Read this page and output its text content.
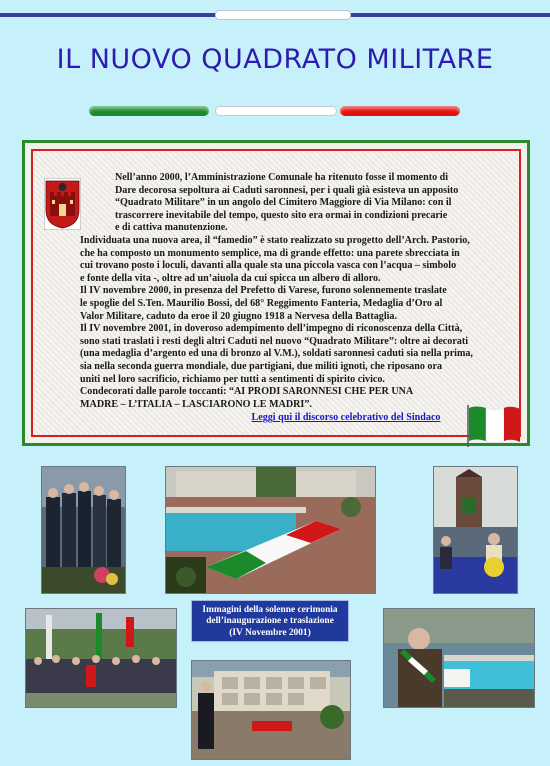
IL NUOVO QUADRATO MILITARE

Nell’anno 2000, l’Amministrazione Comunale ha ritenuto fosse il momento di

Dare decorosa sepoltura ai Caduti saronnesi, per i quali già esisteva un apposito

“Quadrato Militare” in un angolo del Cimitero Maggiore di Via Milano: con il

trascorrere inevitabile del tempo, questo sito era ormai in condizioni precarie

e di cattiva manutenzione.

Individuata una nuova area, il “famedio” è stato realizzato su progetto dell’Arch. Pastorio,

che ha composto un monumento semplice, ma di grande effetto: una parete sbrecciata in

cui trovano posto i loculi, davanti alla quale sta una piccola vasca con l’acqua – simbolo

e fonte della vita -, oltre ad un’aiuola da cui spicca un albero di alloro.

Il IV novembre 2000, in presenza del Prefetto di Varese, furono solennemente traslate

le spoglie del S.Ten. Maurilio Bossi, del 68° Reggimento Fanteria, Medaglia d’Oro al

Valor Militare, caduto da eroe il 20 giugno 1918 a Nervesa della Battaglia.

Il IV novembre 2001, in doveroso adempimento dell’impegno di riconoscenza della Città,

sono stati traslati i resti degli altri Caduti nel nuovo “Quadrato Militare”: oltre ai decorati

(una medaglia d’argento ed una di bronzo al V.M.), soldati saronnesi caduti sia nella prima,

sia nella seconda guerra mondiale, due partigiani, due militi ignoti, che riposano ora

uniti nel loro sacrificio, richiamo per tutti a sentimenti di spirito civico.

Condecorati dalle parole toccanti: “AI PRODI SARONNESI CHE PER UNA

MADRE – L’ITALIA – LASCIARONO LE MADRI”.

Leggi qui il discorso celebrativo del Sindaco
Immagini della solenne cerimonia
dell’inaugurazione e traslazione
(IV Novembre 2001)
